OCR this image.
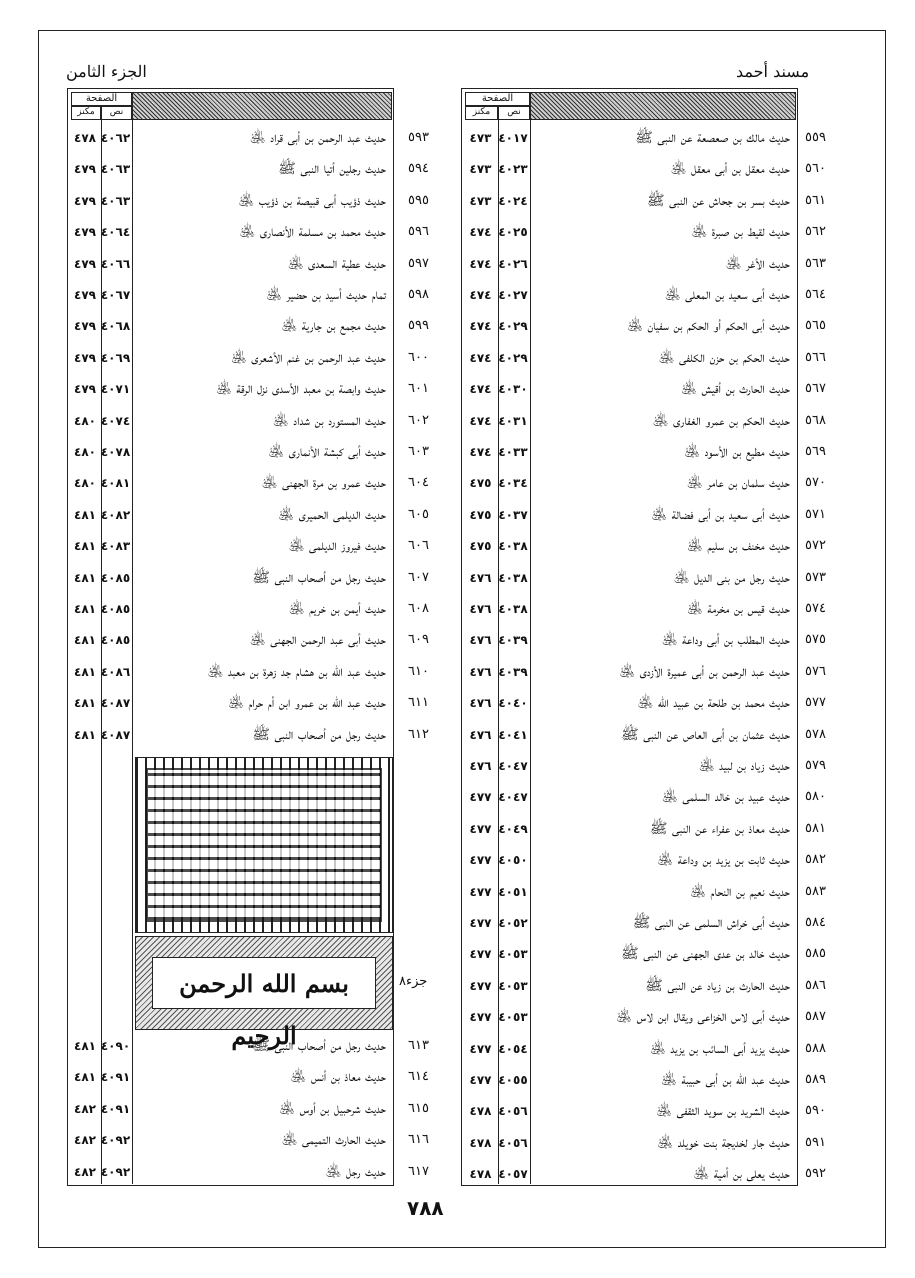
مسند أحمد
الجزء الثامن
الصفحة
نص
مكنز
٥٥٩
حديث مالك بن صعصعة عن النبى ﷺ
٤٠١٧
٤٧٣
٥٦٠
حديث معقل بن أبى معقل ﵁
٤٠٢٣
٤٧٣
٥٦١
حديث بسر بن جحاش عن النبى ﷺ
٤٠٢٤
٤٧٣
٥٦٢
حديث لقيط بن صبرة ﵁
٤٠٢٥
٤٧٤
٥٦٣
حديث الأغر ﵁
٤٠٢٦
٤٧٤
٥٦٤
حديث أبى سعيد بن المعلى ﵁
٤٠٢٧
٤٧٤
٥٦٥
حديث أبى الحكم أو الحكم بن سفيان ﵁
٤٠٢٩
٤٧٤
٥٦٦
حديث الحكم بن حزن الكلفى ﵁
٤٠٢٩
٤٧٤
٥٦٧
حديث الحارث بن أقيش ﵁
٤٠٣٠
٤٧٤
٥٦٨
حديث الحكم بن عمرو الغفارى ﵁
٤٠٣١
٤٧٤
٥٦٩
حديث مطيع بن الأسود ﵁
٤٠٣٣
٤٧٤
٥٧٠
حديث سلمان بن عامر ﵁
٤٠٣٤
٤٧٥
٥٧١
حديث أبى سعيد بن أبى فضالة ﵁
٤٠٣٧
٤٧٥
٥٧٢
حديث مخنف بن سليم ﵁
٤٠٣٨
٤٧٥
٥٧٣
حديث رجل من بنى الديل ﵁
٤٠٣٨
٤٧٦
٥٧٤
حديث قيس بن مخرمة ﵁
٤٠٣٨
٤٧٦
٥٧٥
حديث المطلب بن أبى وداعة ﵁
٤٠٣٩
٤٧٦
٥٧٦
حديث عبد الرحمن بن أبى عميرة الأزدى ﵁
٤٠٣٩
٤٧٦
٥٧٧
حديث محمد بن طلحة بن عبيد الله ﵁
٤٠٤٠
٤٧٦
٥٧٨
حديث عثمان بن أبى العاص عن النبى ﷺ
٤٠٤١
٤٧٦
٥٧٩
حديث زياد بن لبيد ﵁
٤٠٤٧
٤٧٦
٥٨٠
حديث عبيد بن خالد السلمى ﵁
٤٠٤٧
٤٧٧
٥٨١
حديث معاذ بن عفراء عن النبى ﷺ
٤٠٤٩
٤٧٧
٥٨٢
حديث ثابت بن يزيد بن وداعة ﵁
٤٠٥٠
٤٧٧
٥٨٣
حديث نعيم بن النحام ﵁
٤٠٥١
٤٧٧
٥٨٤
حديث أبى خراش السلمى عن النبى ﷺ
٤٠٥٢
٤٧٧
٥٨٥
حديث خالد بن عدى الجهنى عن النبى ﷺ
٤٠٥٣
٤٧٧
٥٨٦
حديث الحارث بن زياد عن النبى ﷺ
٤٠٥٣
٤٧٧
٥٨٧
حديث أبى لاس الخزاعى ويقال ابن لاس ﵁
٤٠٥٣
٤٧٧
٥٨٨
حديث يزيد أبى السائب بن يزيد ﵁
٤٠٥٤
٤٧٧
٥٨٩
حديث عبد الله بن أبى حبيبة ﵁
٤٠٥٥
٤٧٧
٥٩٠
حديث الشريد بن سويد الثقفى ﵁
٤٠٥٦
٤٧٨
٥٩١
حديث جار لخديجة بنت خويلد ﵁
٤٠٥٦
٤٧٨
٥٩٢
حديث يعلى بن أمية ﵁
٤٠٥٧
٤٧٨
الصفحة
نص
مكنز
٥٩٣
حديث عبد الرحمن بن أبى قراد ﵁
٤٠٦٢
٤٧٨
٥٩٤
حديث رجلين أتيا النبى ﷺ
٤٠٦٣
٤٧٩
٥٩٥
حديث ذؤيب أبى قبيصة بن ذؤيب ﵁
٤٠٦٣
٤٧٩
٥٩٦
حديث محمد بن مسلمة الأنصارى ﵁
٤٠٦٤
٤٧٩
٥٩٧
حديث عطية السعدى ﵁
٤٠٦٦
٤٧٩
٥٩٨
تمام حديث أسيد بن حضير ﵁
٤٠٦٧
٤٧٩
٥٩٩
حديث مجمع بن جارية ﵁
٤٠٦٨
٤٧٩
٦٠٠
حديث عبد الرحمن بن غنم الأشعرى ﵁
٤٠٦٩
٤٧٩
٦٠١
حديث وابصة بن معبد الأسدى نزل الرقة ﵁
٤٠٧١
٤٧٩
٦٠٢
حديث المستورد بن شداد ﵁
٤٠٧٤
٤٨٠
٦٠٣
حديث أبى كبشة الأنمارى ﵁
٤٠٧٨
٤٨٠
٦٠٤
حديث عمرو بن مرة الجهنى ﵁
٤٠٨١
٤٨٠
٦٠٥
حديث الديلمى الحميرى ﵁
٤٠٨٢
٤٨١
٦٠٦
حديث فيروز الديلمى ﵁
٤٠٨٣
٤٨١
٦٠٧
حديث رجل من أصحاب النبى ﷺ
٤٠٨٥
٤٨١
٦٠٨
حديث أيمن بن خريم ﵁
٤٠٨٥
٤٨١
٦٠٩
حديث أبى عبد الرحمن الجهنى ﵁
٤٠٨٥
٤٨١
٦١٠
حديث عبد الله بن هشام جد زهرة بن معبد ﵁
٤٠٨٦
٤٨١
٦١١
حديث عبد الله بن عمرو ابن أم حرام ﵁
٤٠٨٧
٤٨١
٦١٢
حديث رجل من أصحاب النبى ﷺ
٤٠٨٧
٤٨١
٦١٣
حديث رجل من أصحاب النبى ﷺ
٤٠٩٠
٤٨١
٦١٤
حديث معاذ بن أنس ﵁
٤٠٩١
٤٨١
٦١٥
حديث شرحبيل بن أوس ﵁
٤٠٩١
٤٨٢
٦١٦
حديث الحارث التميمى ﵁
٤٠٩٢
٤٨٢
٦١٧
حديث رجل ﵁
٤٠٩٢
٤٨٢
بسم الله الرحمن الرحيم
جزء٨
٧٨٨
